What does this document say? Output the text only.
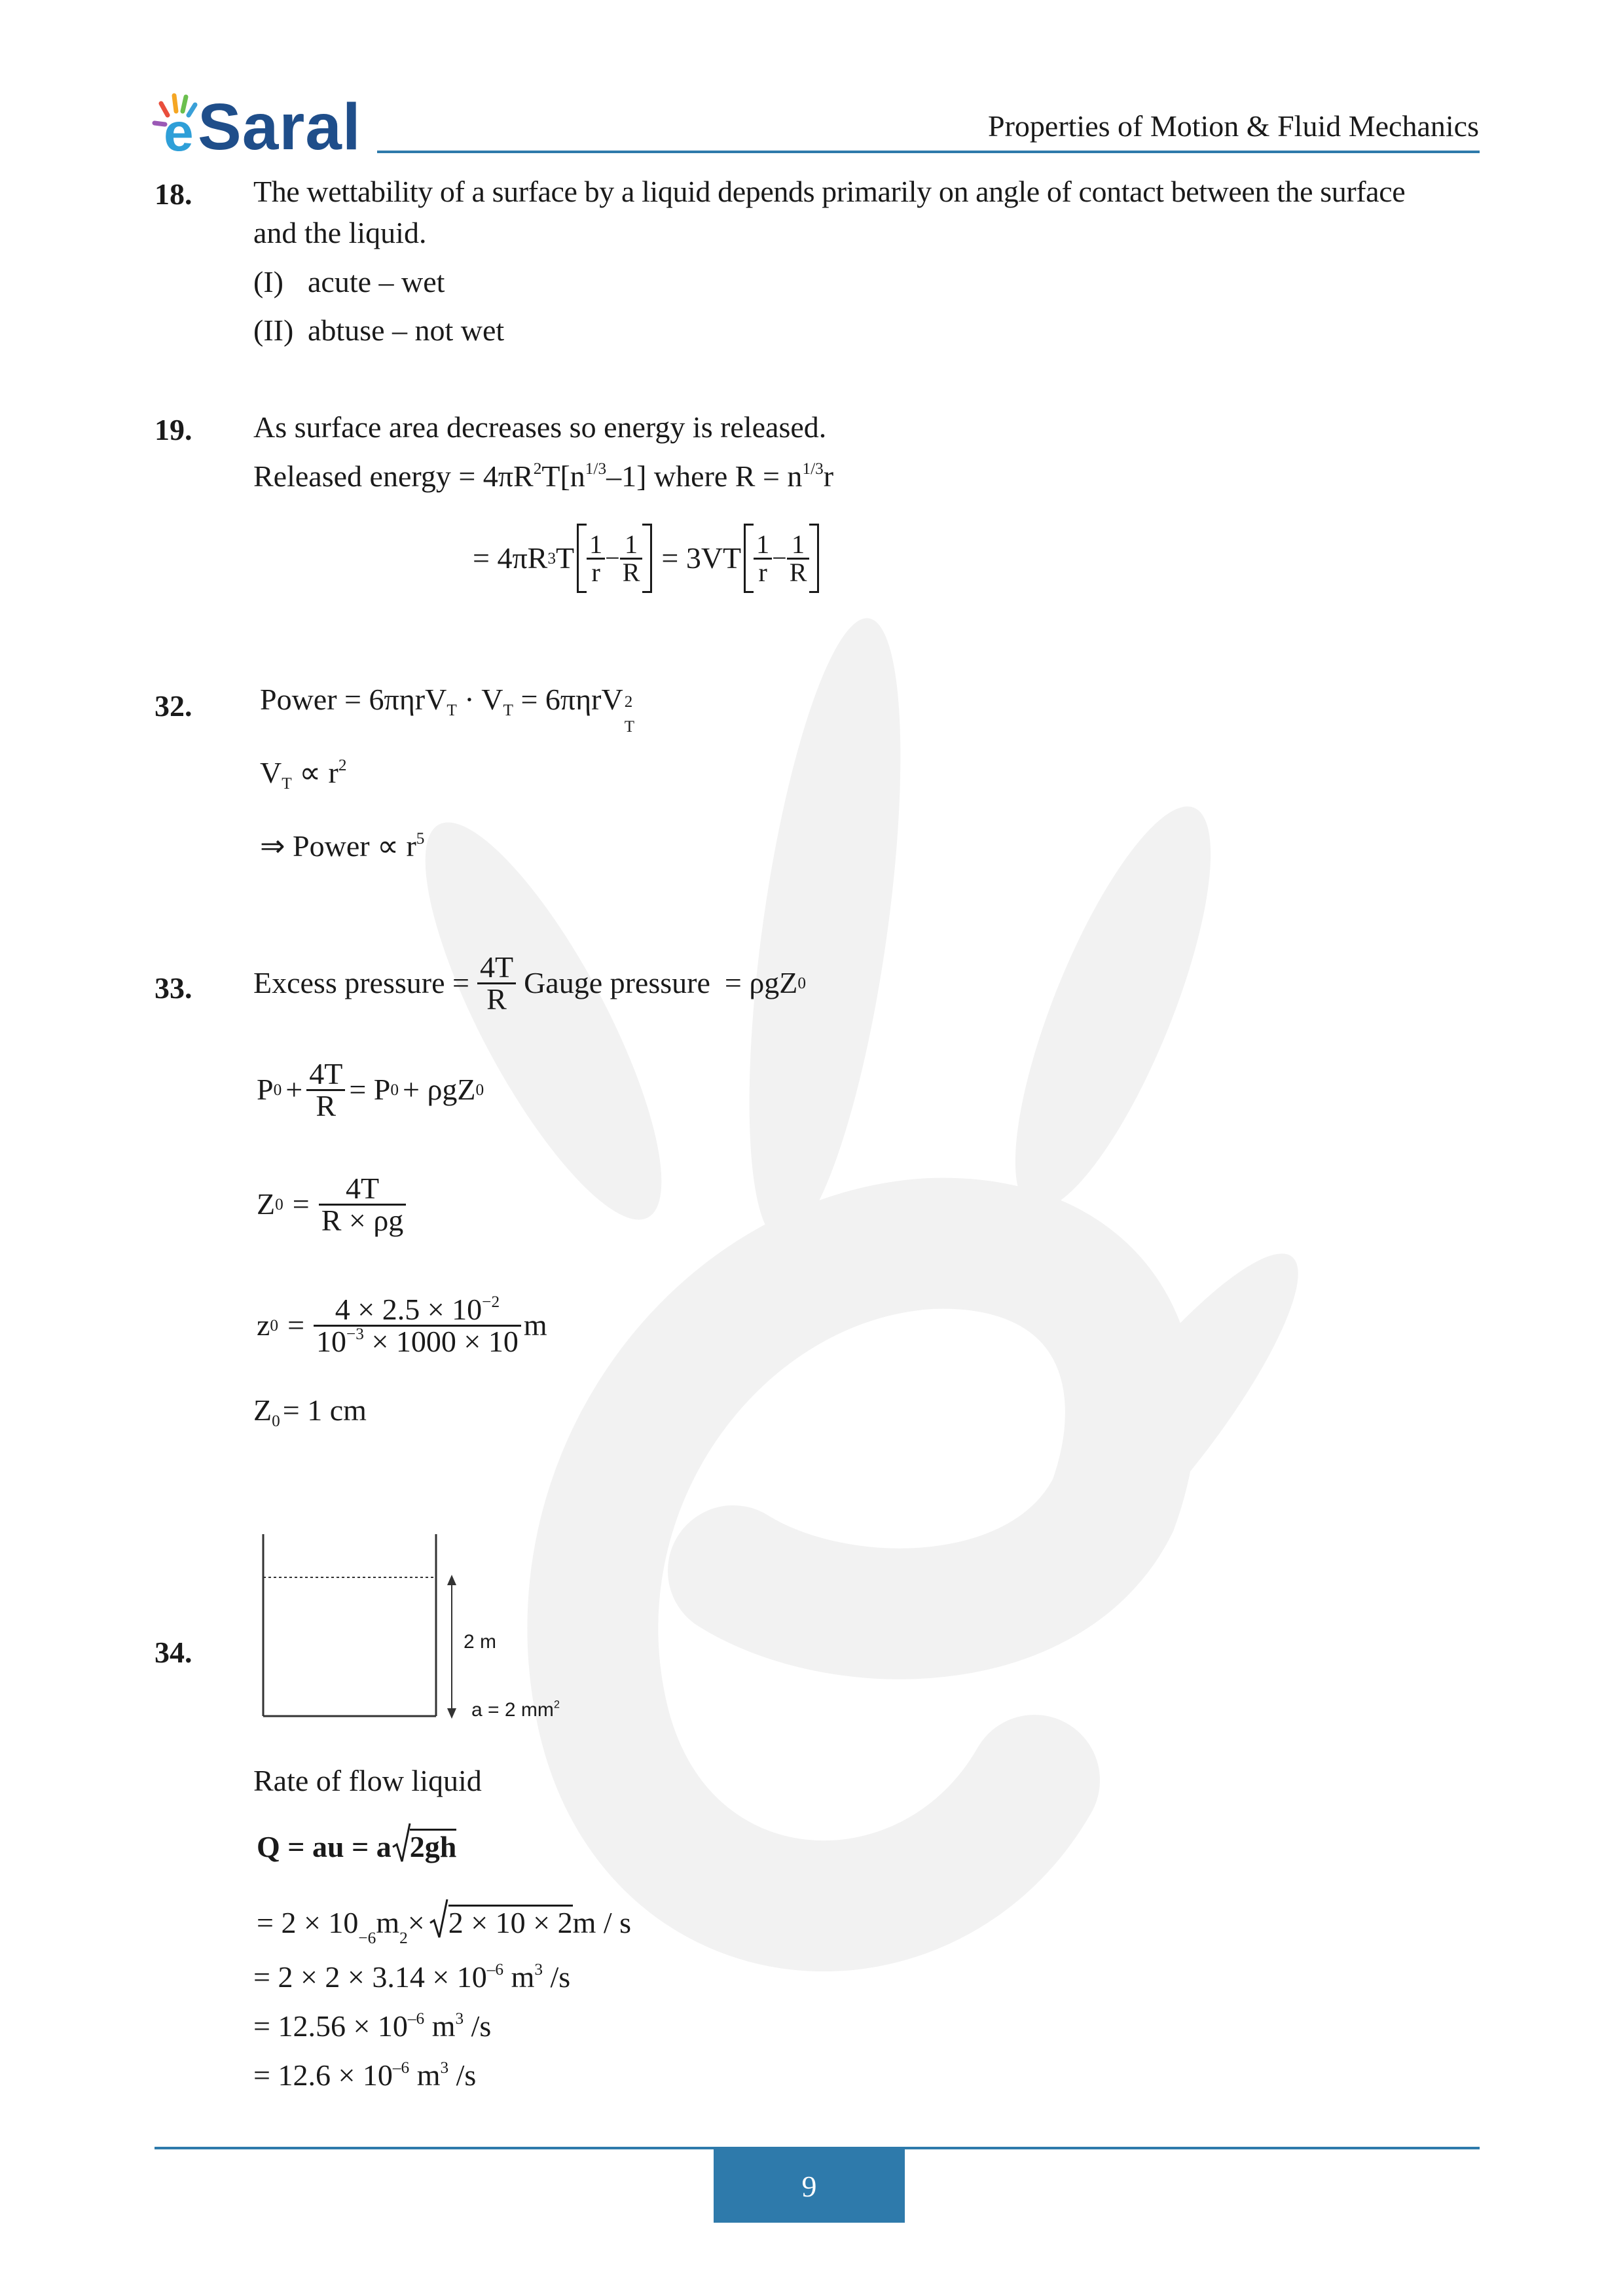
e Saral	Properties of Motion & Fluid Mechanics
18. The wettability of a surface by a liquid depends primarily on angle of contact between the surface
and the liquid.
(I) acute – wet
(II) abtuse – not wet
19. As surface area decreases so energy is released.
Released energy = $4\pi R^2T[n^{1/3}-1]$ where $R = n^{1/3}r$
= 4πR 3 T $\frac{1}{r} - \frac{1}{R} = 3VT \frac{1}{r} - \frac{1}{R}$
32. Power = $6\pi\eta rV_T \cdot V_T = 6\pi\eta rV$ 2
T
$V_T \propto r^2$
⇒ Power ∝ $r^5$
33. Excess pressure = $\frac{4T}{R}$ Gauge pressure = ρgZ 0
P $0 + \frac{4T}{R} = P$ 0 + ρgZ 0
Z $0 = \frac{4T}{R \times \rho g}$
z $0 = \frac{4 \times 2.5 \times 10^{-2}}{10^{-3} \times 1000 \times 10}$ m
$Z_0= 1$ cm
34.	2 m
a = 2 $mm^2$
Rate of flow liquid
Q = au = a 2gh
= 2 × 10 −6 m 2 × 2 × 10 × 2 m / s
= $2 \times 2 \times 3.14 \times 10^{-6}$ $m^3$ /s
= $12.56 \times 10^{-6}$ $m^3$ /s
= $12.6 \times 10^{-6}$ $m^3$ /s
9
